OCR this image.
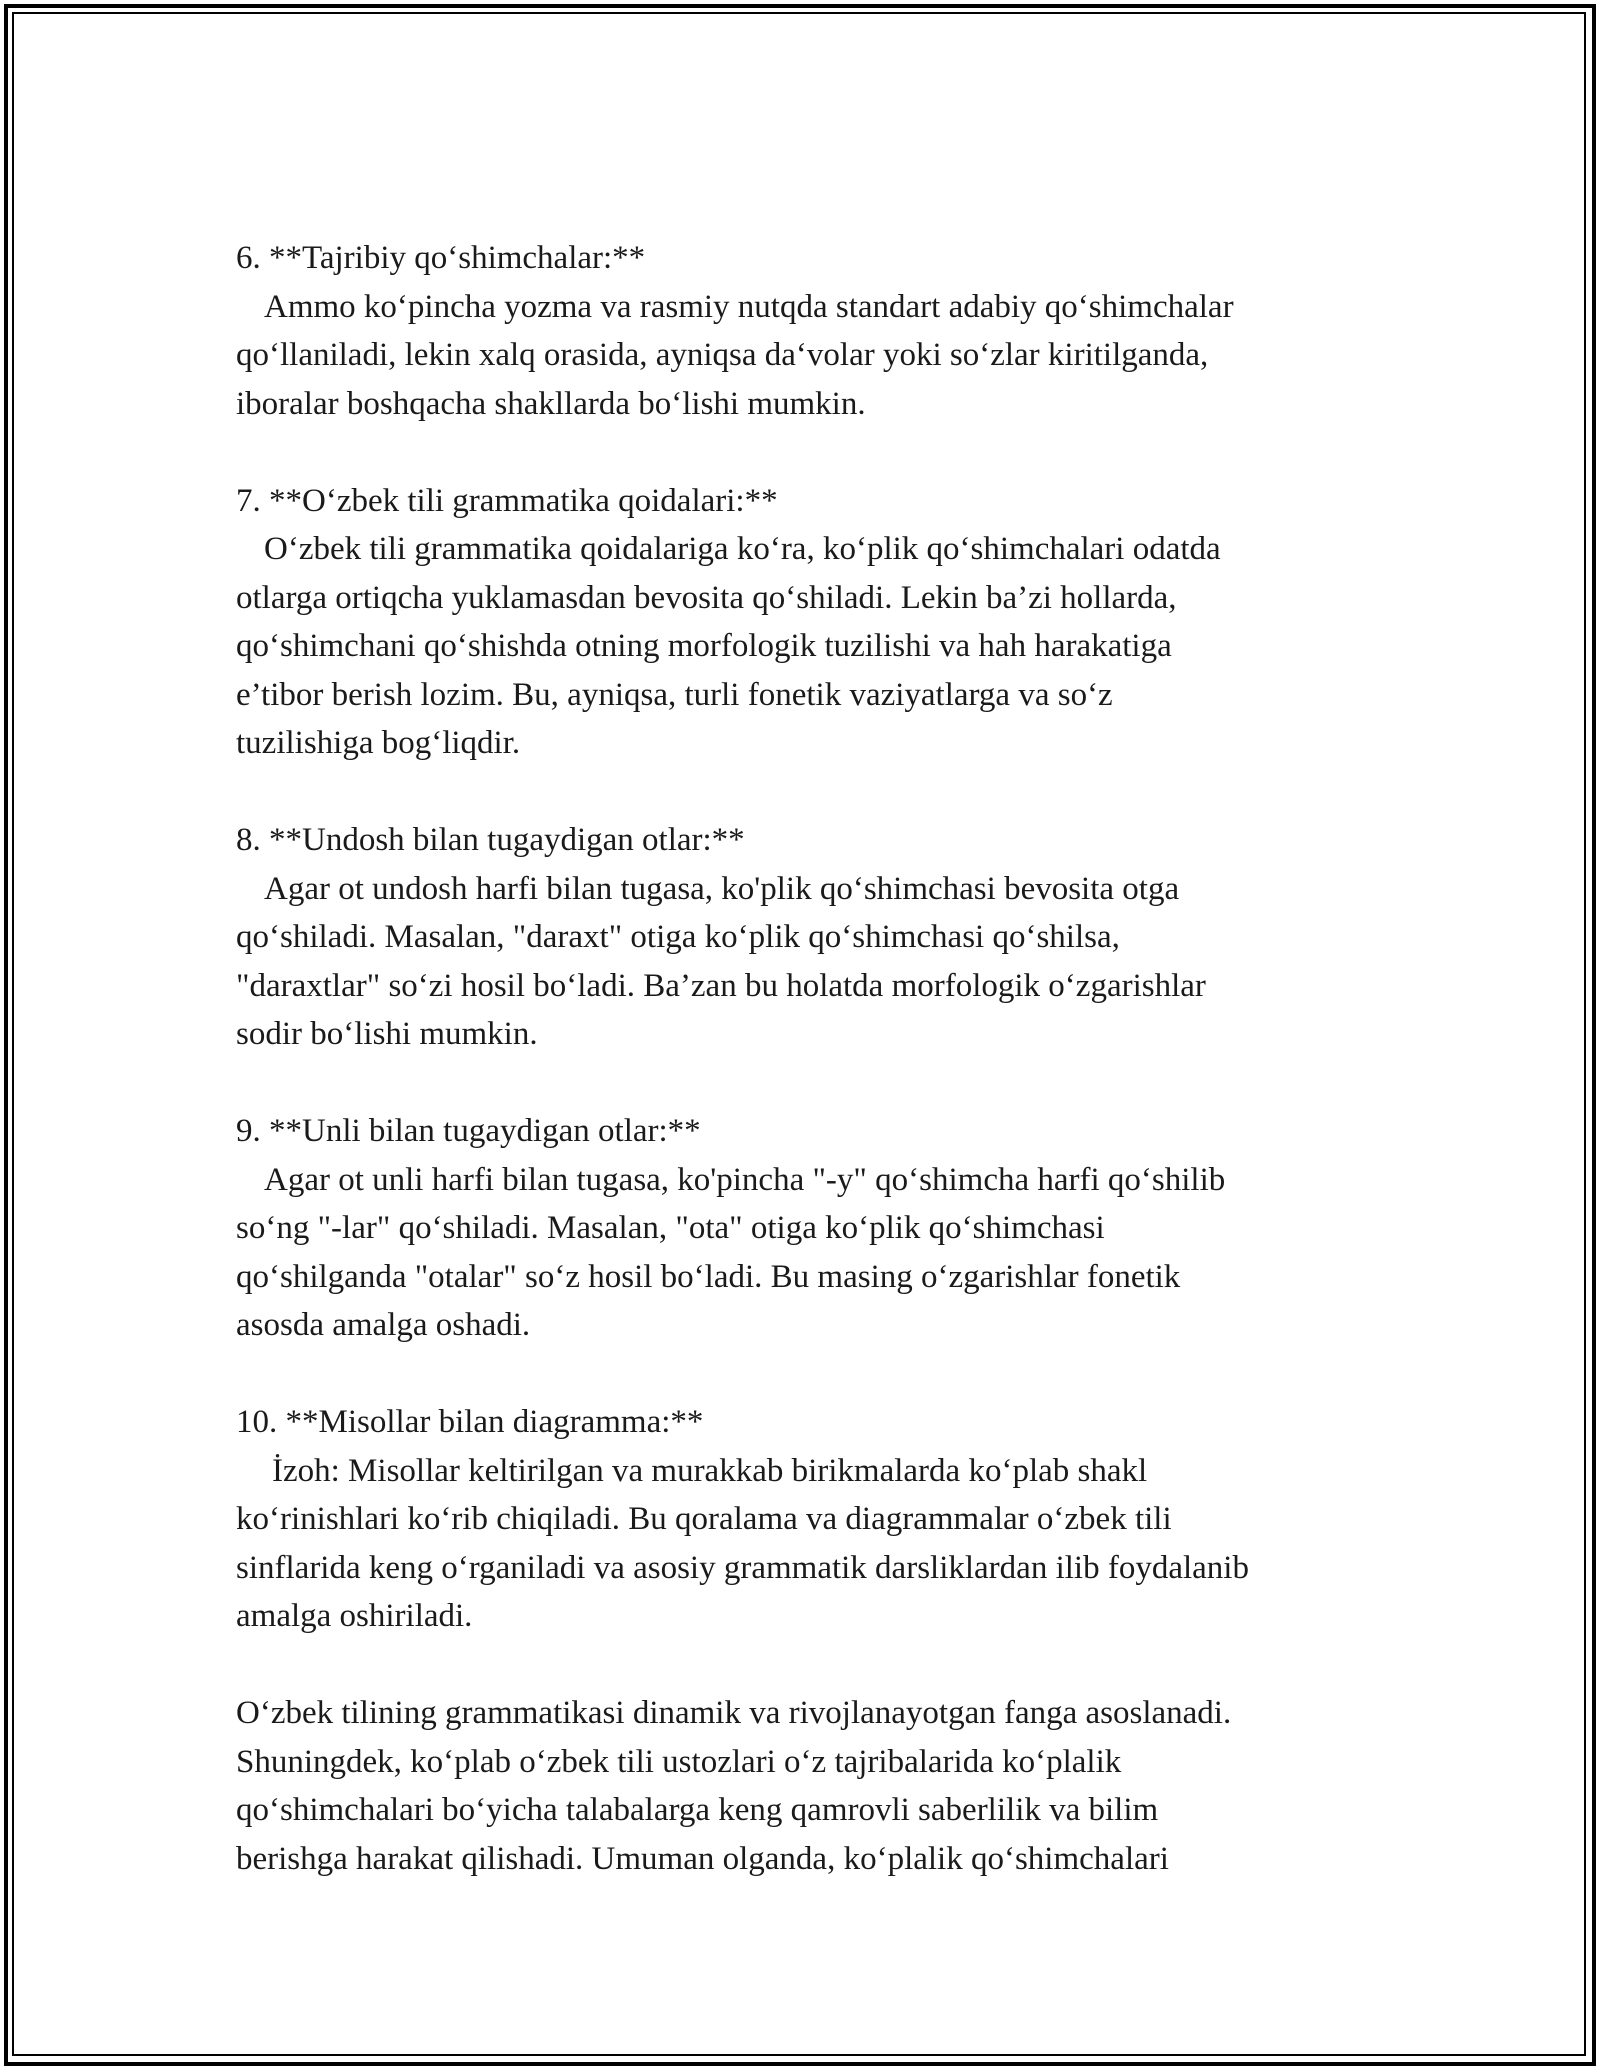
6. **Tajribiy qo‘shimchalar:**

Ammo ko‘pincha yozma va rasmiy nutqda standart adabiy qo‘shimchalar

qo‘llaniladi, lekin xalq orasida, ayniqsa da‘volar yoki so‘zlar kiritilganda,

iboralar boshqacha shakllarda bo‘lishi mumkin.

7. **O‘zbek tili grammatika qoidalari:**

O‘zbek tili grammatika qoidalariga ko‘ra, ko‘plik qo‘shimchalari odatda

otlarga ortiqcha yuklamasdan bevosita qo‘shiladi. Lekin ba’zi hollarda,

qo‘shimchani qo‘shishda otning morfologik tuzilishi va hah harakatiga

e’tibor berish lozim. Bu, ayniqsa, turli fonetik vaziyatlarga va so‘z

tuzilishiga bog‘liqdir.

8. **Undosh bilan tugaydigan otlar:**

Agar ot undosh harfi bilan tugasa, ko'plik qo‘shimchasi bevosita otga

qo‘shiladi. Masalan, "daraxt" otiga ko‘plik qo‘shimchasi qo‘shilsa,

"daraxtlar" so‘zi hosil bo‘ladi. Ba’zan bu holatda morfologik o‘zgarishlar

sodir bo‘lishi mumkin.

9. **Unli bilan tugaydigan otlar:**

Agar ot unli harfi bilan tugasa, ko'pincha "-y" qo‘shimcha harfi qo‘shilib

so‘ng "-lar" qo‘shiladi. Masalan, "ota" otiga ko‘plik qo‘shimchasi

qo‘shilganda "otalar" so‘z hosil bo‘ladi. Bu masing o‘zgarishlar fonetik

asosda amalga oshadi.

10. **Misollar bilan diagramma:**

İzoh: Misollar keltirilgan va murakkab birikmalarda ko‘plab shakl

ko‘rinishlari ko‘rib chiqiladi. Bu qoralama va diagrammalar o‘zbek tili

sinflarida keng o‘rganiladi va asosiy grammatik darsliklardan ilib foydalanib

amalga oshiriladi.

O‘zbek tilining grammatikasi dinamik va rivojlanayotgan fanga asoslanadi.

Shuningdek, ko‘plab o‘zbek tili ustozlari o‘z tajribalarida ko‘plalik

qo‘shimchalari bo‘yicha talabalarga keng qamrovli saberlilik va bilim

berishga harakat qilishadi. Umuman olganda, ko‘plalik qo‘shimchalari
